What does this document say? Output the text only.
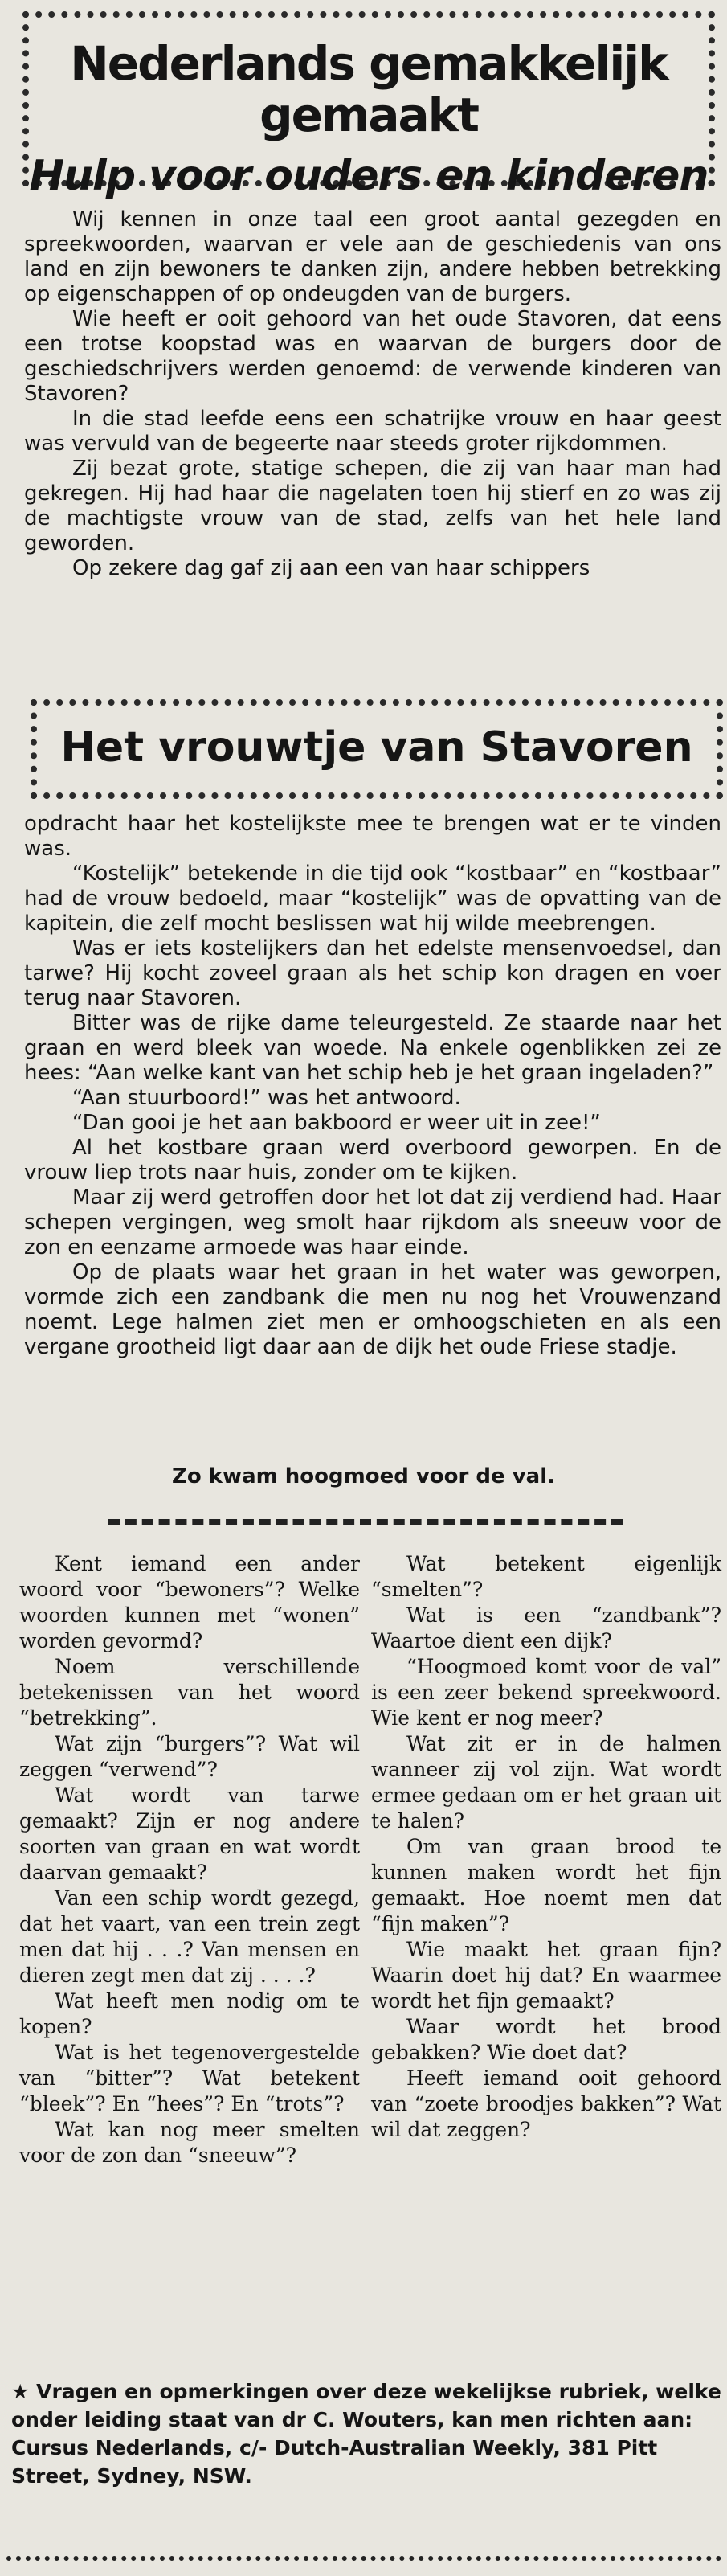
Nederlands gemakkelijk gemaakt
Hulp voor ouders en kinderen

Wij kennen in onze taal een groot aantal gezegden en spreekwoorden, waarvan er vele aan de geschiedenis van ons land en zijn bewoners te danken zijn, andere hebben betrekking op eigenschappen of op ondeugden van de burgers.

Wie heeft er ooit gehoord van het oude Stavoren, dat eens een trotse koopstad was en waarvan de burgers door de geschiedschrijvers werden genoemd: de verwende kinderen van Stavoren?

In die stad leefde eens een schatrijke vrouw en haar geest was vervuld van de begeerte naar steeds groter rijkdommen.

Zij bezat grote, statige schepen, die zij van haar man had gekregen. Hij had haar die nagelaten toen hij stierf en zo was zij de machtigste vrouw van de stad, zelfs van het hele land geworden.

Op zekere dag gaf zij aan een van haar schippers

Het vrouwtje van Stavoren

opdracht haar het kostelijkste mee te brengen wat er te vinden was.

“Kostelijk” betekende in die tijd ook “kostbaar” en “kostbaar” had de vrouw bedoeld, maar “kostelijk” was de opvatting van de kapitein, die zelf mocht beslissen wat hij wilde meebrengen.

Was er iets kostelijkers dan het edelste mensenvoedsel, dan tarwe? Hij kocht zoveel graan als het schip kon dragen en voer terug naar Stavoren.

Bitter was de rijke dame teleurgesteld. Ze staarde naar het graan en werd bleek van woede. Na enkele ogenblikken zei ze hees: “Aan welke kant van het schip heb je het graan ingeladen?”

“Aan stuurboord!” was het antwoord.

“Dan gooi je het aan bakboord er weer uit in zee!”

Al het kostbare graan werd overboord geworpen. En de vrouw liep trots naar huis, zonder om te kijken.

Maar zij werd getroffen door het lot dat zij verdiend had. Haar schepen vergingen, weg smolt haar rijkdom als sneeuw voor de zon en eenzame armoede was haar einde.

Op de plaats waar het graan in het water was geworpen, vormde zich een zandbank die men nu nog het Vrouwenzand noemt. Lege halmen ziet men er omhoogschieten en als een vergane grootheid ligt daar aan de dijk het oude Friese stadje.

Zo kwam hoogmoed voor de val.

Kent iemand een ander woord voor “bewoners”? Welke woorden kunnen met “wonen” worden gevormd?

Noem verschillende betekenissen van het woord “betrekking”.

Wat zijn “burgers”? Wat wil zeggen “verwend”?

Wat wordt van tarwe gemaakt? Zijn er nog andere soorten van graan en wat wordt daarvan gemaakt?

Van een schip wordt gezegd, dat het vaart, van een trein zegt men dat hij . . .? Van mensen en dieren zegt men dat zij . . . .?

Wat heeft men nodig om te kopen?

Wat is het tegenovergestelde van “bitter”? Wat betekent “bleek”? En “hees”? En “trots”?

Wat kan nog meer smelten voor de zon dan “sneeuw”?

Wat betekent eigenlijk “smelten”?

Wat is een “zandbank”? Waartoe dient een dijk?

“Hoogmoed komt voor de val” is een zeer bekend spreekwoord. Wie kent er nog meer?

Wat zit er in de halmen wanneer zij vol zijn. Wat wordt ermee gedaan om er het graan uit te halen?

Om van graan brood te kunnen maken wordt het fijn gemaakt. Hoe noemt men dat “fijn maken”?

Wie maakt het graan fijn? Waarin doet hij dat? En waarmee wordt het fijn gemaakt?

Waar wordt het brood gebakken? Wie doet dat?

Heeft iemand ooit gehoord van “zoete broodjes bakken”? Wat wil dat zeggen?

★ Vragen en opmerkingen over deze wekelijkse rubriek, welke onder leiding staat van dr C. Wouters, kan men richten aan: Cursus Nederlands, c/- Dutch-Australian Weekly, 381 Pitt Street, Sydney, NSW.
